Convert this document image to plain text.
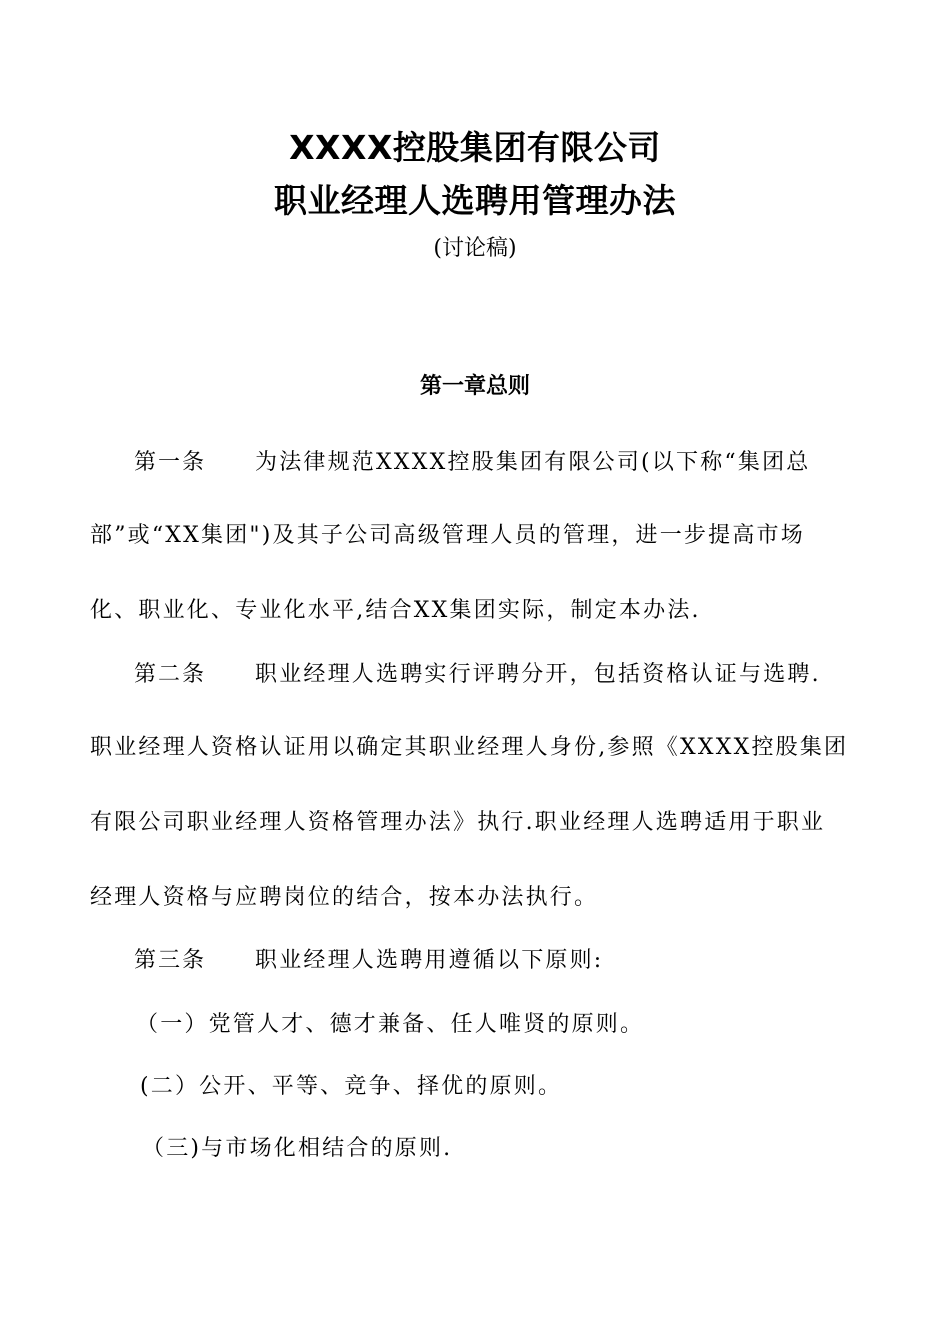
XXXX控股集团有限公司
职业经理人选聘用管理办法
(讨论稿)
第一章总则
第一条 为法律规范XXXX控股集团有限公司(以下称“集团总
部”或“XX集团")及其子公司高级管理人员的管理，进一步提高市场
化、职业化、专业化水平,结合XX集团实际，制定本办法.
第二条 职业经理人选聘实行评聘分开，包括资格认证与选聘.
职业经理人资格认证用以确定其职业经理人身份,参照《XXXX控股集团
有限公司职业经理人资格管理办法》执行.职业经理人选聘适用于职业
经理人资格与应聘岗位的结合，按本办法执行。
第三条 职业经理人选聘用遵循以下原则:
（一）党管人才、德才兼备、任人唯贤的原则。
(二）公开、平等、竞争、择优的原则。
（三)与市场化相结合的原则.
